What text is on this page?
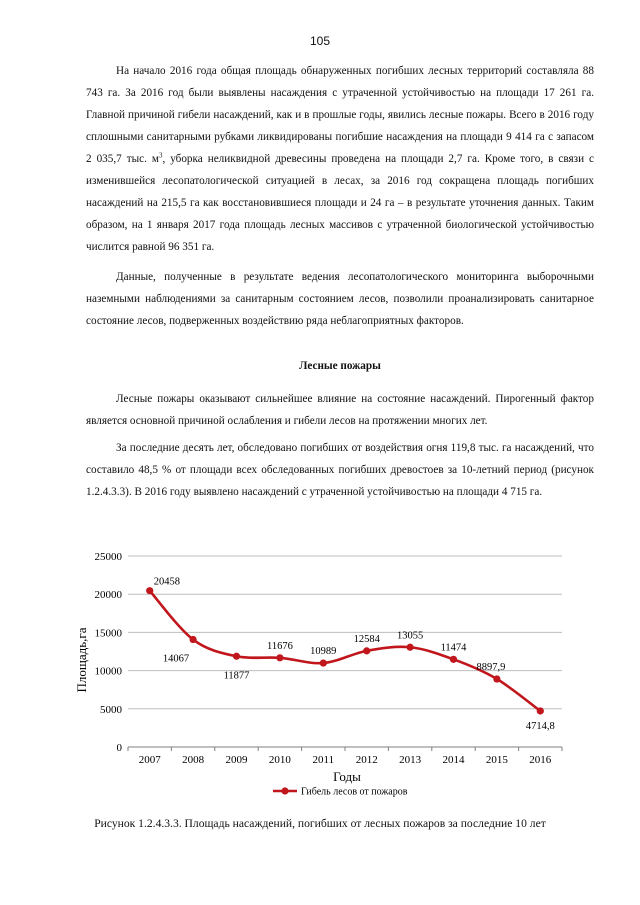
105

На начало 2016 года общая площадь обнаруженных погибших лесных территорий составляла 88 743 га. За 2016 год были выявлены насаждения с утраченной устойчивостью на площади 17 261 га. Главной причиной гибели насаждений, как и в прошлые годы, явились лесные пожары. Всего в 2016 году сплошными санитарными рубками ликвидированы погибшие насаждения на площади 9 414 га с запасом 2 035,7 тыс. $м^3$, уборка неликвидной древесины проведена на площади 2,7 га. Кроме того, в связи с изменившейся лесопатологической ситуацией в лесах, за 2016 год сокращена площадь погибших насаждений на 215,5 га как восстановившиеся площади и 24 га – в результате уточнения данных. Таким образом, на 1 января 2017 года площадь лесных массивов с утраченной биологической устойчивостью числится равной 96 351 га.

Данные, полученные в результате ведения лесопатологического мониторинга выборочными наземными наблюдениями за санитарным состоянием лесов, позволили проанализировать санитарное состояние лесов, подверженных воздействию ряда неблагоприятных факторов.

Лесные пожары

Лесные пожары оказывают сильнейшее влияние на состояние насаждений. Пирогенный фактор является основной причиной ослабления и гибели лесов на протяжении многих лет.

За последние десять лет, обследовано погибших от воздействия огня 119,8 тыс. га насаждений, что составило 48,5 % от площади всех обследованных погибших древостоев за 10-летний период (рисунок 1.2.4.3.3). В 2016 году выявлено насаждений с утраченной устойчивостью на площади 4 715 га.

0
5000
10000
15000
20000
25000
2007 2008 2009 2010 2011 2012 2013 2014 2015 2016
20458
14067
11877
11676 10989
12584 13055
11474
8897,9
4714,8
Площадь,га
Годы
Гибель лесов от пожаров
Рисунок 1.2.4.3.3. Площадь насаждений, погибших от лесных пожаров за последние 10 лет
